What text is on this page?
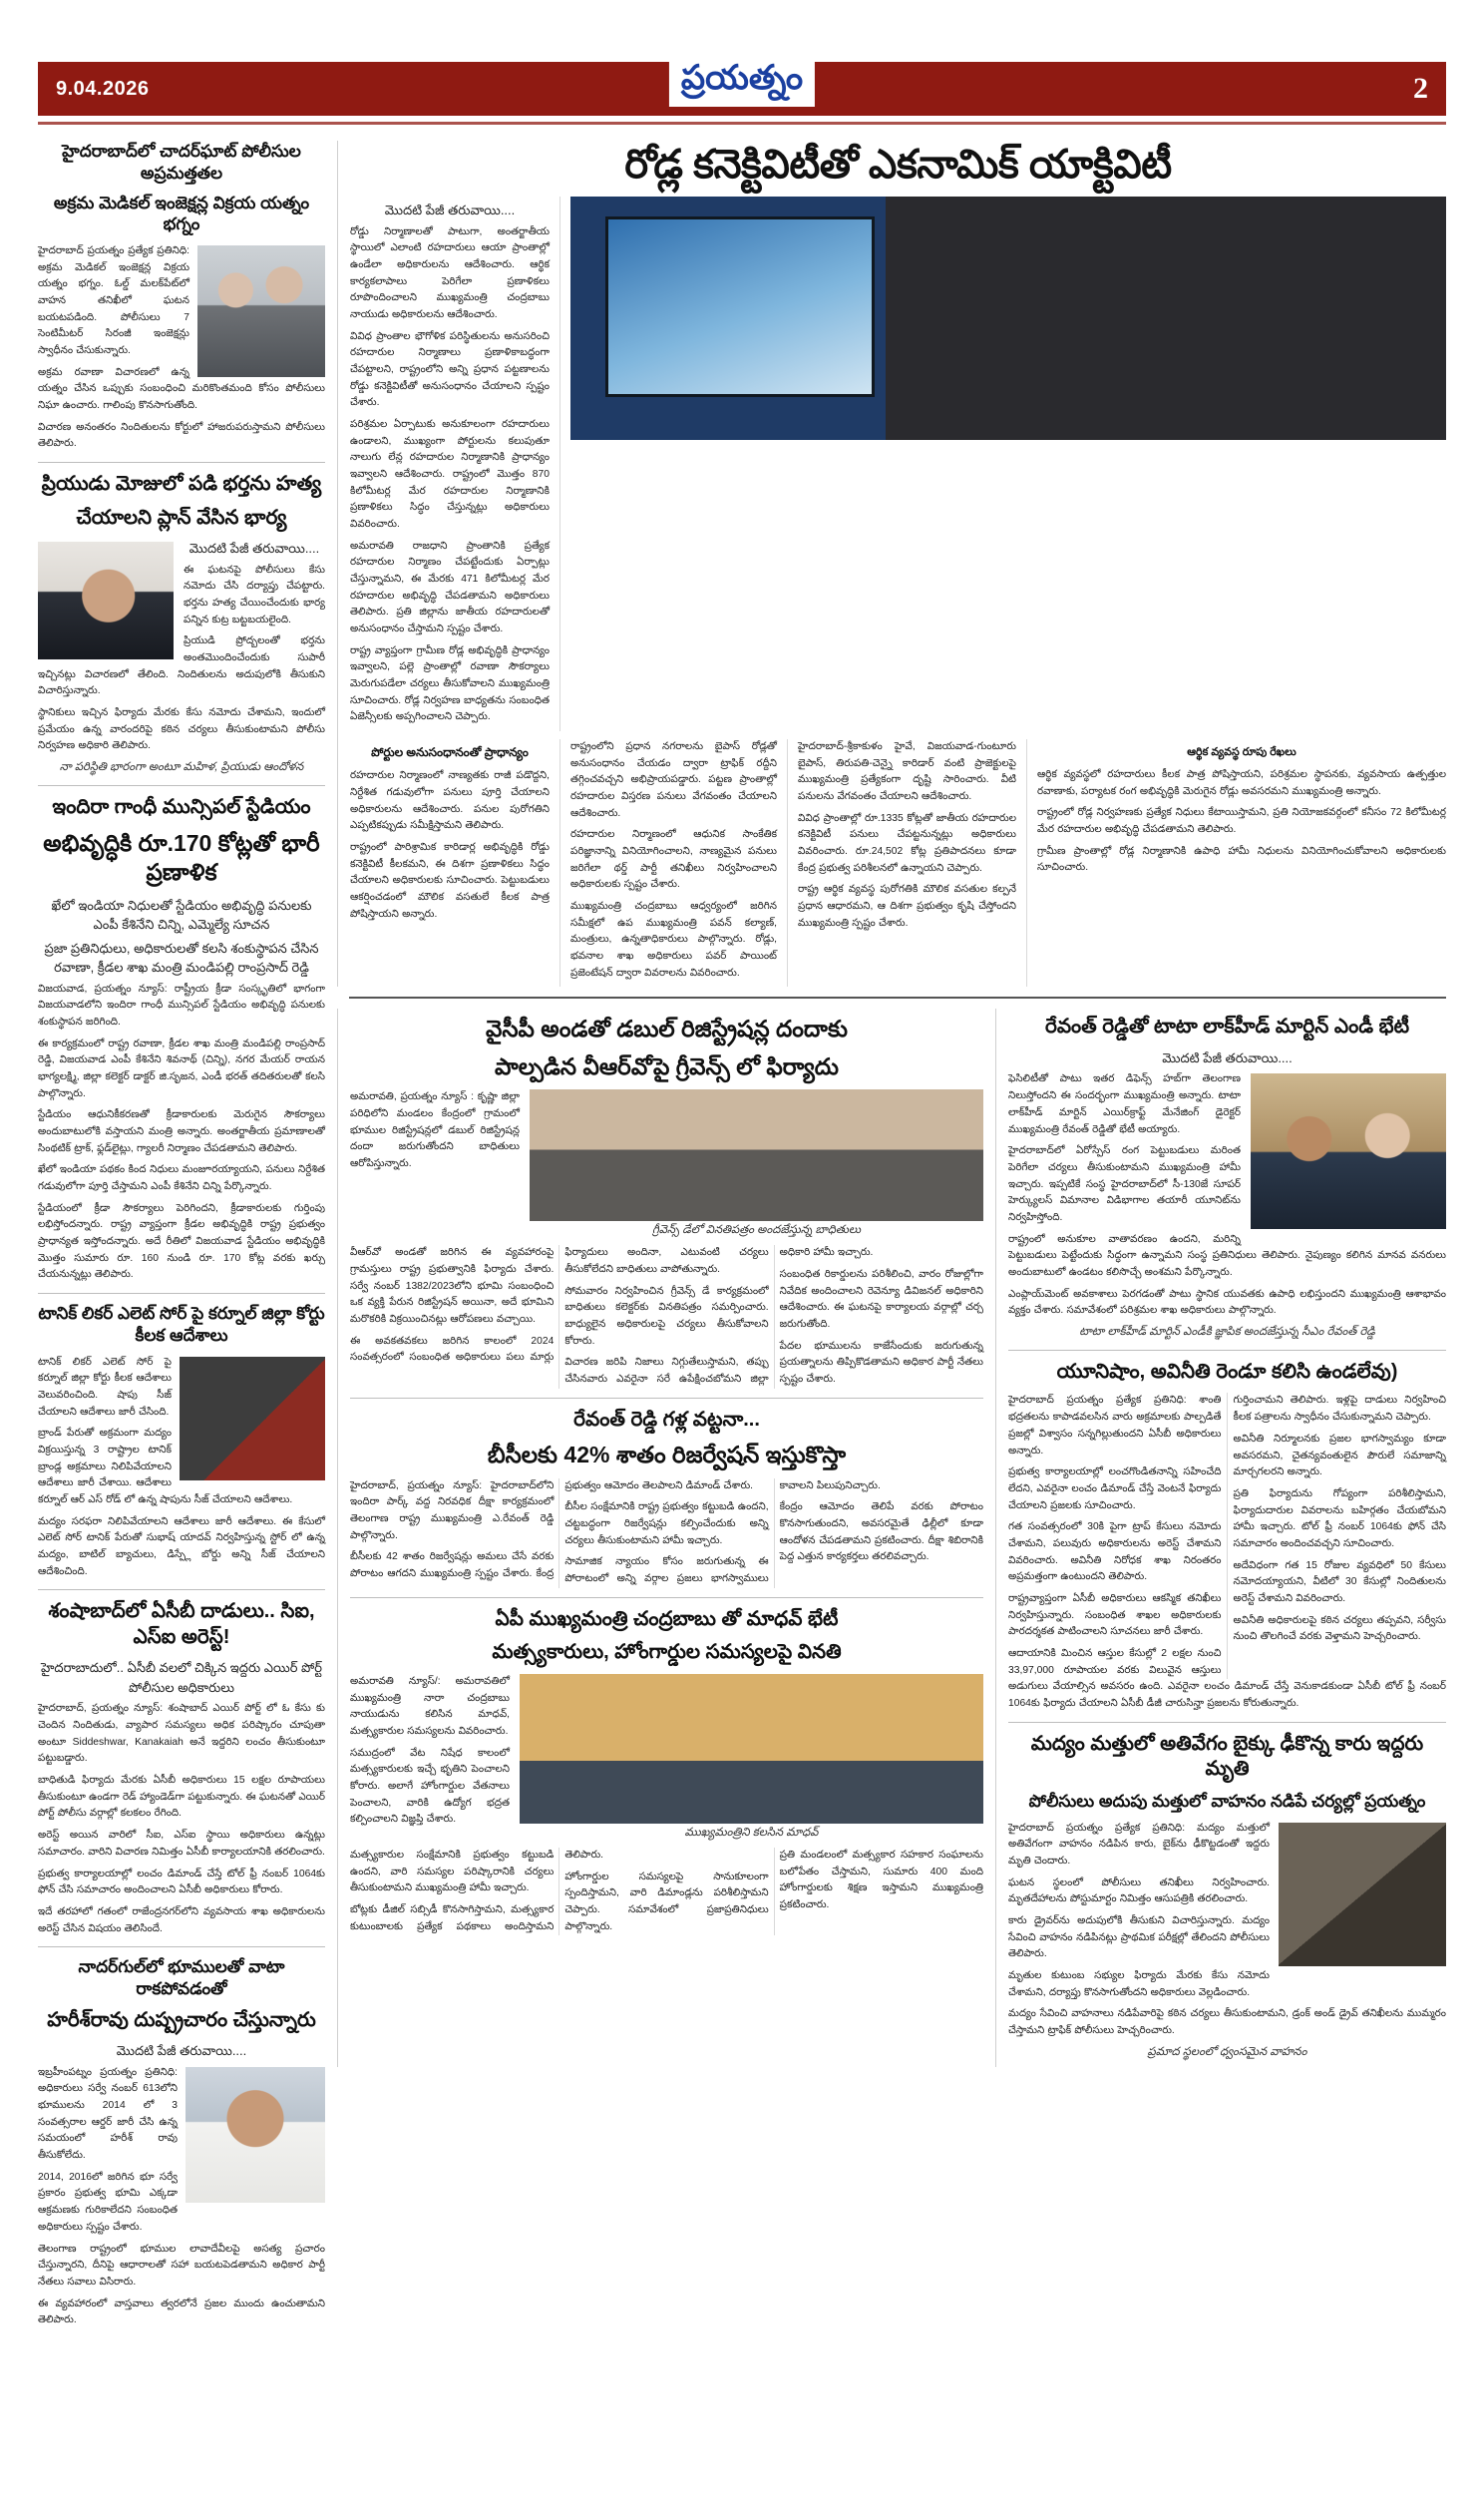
9.04.2026	ప్రయత్నం	2
హైదరాబాద్‌లో చాదర్‌ఘాట్ పోలీసుల అప్రమత్తతల
అక్రమ మెడికల్ ఇంజెక్షన్ల విక్రయ యత్నం భగ్నం

హైదరాబాద్ ప్రయత్నం ప్రత్యేక ప్రతినిధి: అక్రమ మెడికల్ ఇంజెక్షన్ల విక్రయ యత్నం భగ్నం. ఓల్డ్ మలక్‌పేట్‌లో వాహన తనిఖీలో ఘటన బయటపడింది. పోలీసులు 7 సెంటిమీటర్ సిరంజీ ఇంజెక్షన్లు స్వాధీనం చేసుకున్నారు.

అక్రమ రవాణా విచారణలో ఉన్న యత్నం చేసిన ఒప్పుకు సంబంధించి మరికొంతమంది కోసం పోలీసులు నిఘా ఉంచారు. గాలింపు కొనసాగుతోంది.

విచారణ అనంతరం నిందితులను కోర్టులో హాజరుపరుస్తామని పోలీసులు తెలిపారు.

ప్రియుడు మోజులో పడి భర్తను హత్య
చేయాలని ప్లాన్ వేసిన భార్య
మొదటి పేజీ తరువాయి....

ఈ ఘటనపై పోలీసులు కేసు నమోదు చేసి దర్యాప్తు చేపట్టారు. భర్తను హత్య చేయించేందుకు భార్య పన్నిన కుట్ర బట్టబయలైంది.

ప్రియుడి ప్రోద్బలంతో భర్తను అంతమొందించేందుకు సుపారీ ఇచ్చినట్లు విచారణలో తేలింది. నిందితులను అదుపులోకి తీసుకుని విచారిస్తున్నారు.

స్థానికులు ఇచ్చిన ఫిర్యాదు మేరకు కేసు నమోదు చేశామని, ఇందులో ప్రమేయం ఉన్న వారందరిపై కఠిన చర్యలు తీసుకుంటామని పోలీసు నిర్వహణ అధికారి తెలిపారు.

నా పరిస్థితి భారంగా అంటూ మహిళ, ప్రియుడు ఆందోళన
ఇందిరా గాంధీ మున్సిపల్ స్టేడియం
అభివృద్ధికి రూ.170 కోట్లతో భారీ ప్రణాళిక
ఖేలో ఇండియా నిధులతో స్టేడియం అభివృద్ధి పనులకు ఎంపీ కేశినేని చిన్ని, ఎమ్మెల్యే సూచన
ప్రజా ప్రతినిధులు, అధికారులతో కలసి శంకుస్థాపన చేసిన రవాణా, క్రీడల శాఖ మంత్రి మండిపల్లి రాంప్రసాద్ రెడ్డి

విజయవాడ, ప్రయత్నం న్యూస్: రాష్ట్రీయ క్రీడా సంస్కృతిలో భాగంగా విజయవాడలోని ఇందిరా గాంధీ మున్సిపల్ స్టేడియం అభివృద్ధి పనులకు శంకుస్థాపన జరిగింది.

ఈ కార్యక్రమంలో రాష్ట్ర రవాణా, క్రీడల శాఖ మంత్రి మండిపల్లి రాంప్రసాద్ రెడ్డి, విజయవాడ ఎంపీ కేశినేని శివనాథ్ (చిన్ని), నగర మేయర్ రాయన భాగ్యలక్ష్మి, జిల్లా కలెక్టర్ డాక్టర్ జి.సృజన, ఎండీ భరత్ తదితరులతో కలసి పాల్గొన్నారు.

స్టేడియం ఆధునికీకరణతో క్రీడాకారులకు మెరుగైన సౌకర్యాలు అందుబాటులోకి వస్తాయని మంత్రి అన్నారు. అంతర్జాతీయ ప్రమాణాలతో సింథటిక్ ట్రాక్, ఫ్లడ్‌లైట్లు, గ్యాలరీ నిర్మాణం చేపడతామని తెలిపారు.

ఖేలో ఇండియా పథకం కింద నిధులు మంజూరయ్యాయని, పనులు నిర్దేశిత గడువులోగా పూర్తి చేస్తామని ఎంపీ కేశినేని చిన్ని పేర్కొన్నారు.

స్టేడియంలో క్రీడా సౌకర్యాలు పెరిగిందని, క్రీడాకారులకు గుర్తింపు లభిస్తోందన్నారు. రాష్ట్ర వ్యాప్తంగా క్రీడల అభివృద్ధికి రాష్ట్ర ప్రభుత్వం ప్రాధాన్యత ఇస్తోందన్నారు. అదే రీతిలో విజయవాడ స్టేడియం అభివృద్ధికి మొత్తం సుమారు రూ. 160 నుండి రూ. 170 కోట్ల వరకు ఖర్చు చేయనున్నట్లు తెలిపారు.

టానిక్ లికర్ ఎలెట్ సోర్ పై కర్నూల్ జిల్లా కోర్టు కీలక ఆదేశాలు

టానిక్ లికర్ ఎలెట్ సోర్ పై కర్నూల్ జిల్లా కోర్టు కీలక ఆదేశాలు వెలువరించింది. షాపు సీజ్ చేయాలని ఆదేశాలు జారీ చేసింది.

బ్రాండ్ పేరుతో అక్రమంగా మద్యం విక్రయిస్తున్న 3 రాష్ట్రాల టానిక్ బ్రాండ్ల అక్రమాలు నిలిపివేయాలని ఆదేశాలు జారీ చేశాయి. ఆదేశాలు కర్నూల్ ఆర్ ఎస్ రోడ్ లో ఉన్న షాపును సీజ్ చేయాలని ఆదేశాలు.

మద్యం సరఫరా నిలిపివేయాలని ఆదేశాలు జారీ ఆదేశాలు. ఈ కేసులో ఎలెట్ సోర్ టానిక్ పేరుతో సుభాష్ యాదవ్ నిర్వహిస్తున్న స్టోర్ లో ఉన్న మద్యం, బాటిల్ బ్యాచులు, డిస్ప్లే బోర్డు అన్ని సీజ్ చేయాలని ఆదేశించింది.

శంషాబాద్‌లో ఏసీబీ దాడులు.. సిఐ, ఎస్ఐ అరెస్ట్!
హైదరాబాదులో.. ఏసీబీ వలలో చిక్కిన ఇద్దరు ఎయిర్ పోర్ట్ పోలీసుల అధికారులు

హైదరాబాద్, ప్రయత్నం న్యూస్: శంషాబాద్ ఎయిర్ పోర్ట్ లో ఓ కేసు కు చెందిన నిందితుడు, వ్యాపార సమస్యలు అధిక పరిష్కారం చూపుతా అంటూ Siddeshwar, Kanakaiah అనే ఇద్దరిని లంచం తీసుకుంటూ పట్టుబడ్డారు.

బాధితుడి ఫిర్యాదు మేరకు ఏసీబీ అధికారులు 15 లక్షల రూపాయలు తీసుకుంటూ ఉండగా రెడ్ హ్యాండెడ్‌గా పట్టుకున్నారు. ఈ ఘటనతో ఎయిర్ పోర్ట్ పోలీసు వర్గాల్లో కలకలం రేగింది.

అరెస్ట్ అయిన వారిలో సీఐ, ఎస్ఐ స్థాయి అధికారులు ఉన్నట్లు సమాచారం. వారిని విచారణ నిమిత్తం ఏసీబీ కార్యాలయానికి తరలించారు.

ప్రభుత్వ కార్యాలయాల్లో లంచం డిమాండ్ చేస్తే టోల్ ఫ్రీ నంబర్ 1064కు ఫోన్ చేసి సమాచారం అందించాలని ఏసీబీ అధికారులు కోరారు.

ఇదే తరహాలో గతంలో రాజేంద్రనగర్‌లోని వ్యవసాయ శాఖ అధికారులను అరెస్ట్ చేసిన విషయం తెలిసిందే.

నాదర్‌గుల్‌లో భూములతో వాటా రాకపోవడంతో
హరీశ్‌రావు దుష్ప్రచారం చేస్తున్నారు
మొదటి పేజీ తరువాయి....

ఇబ్రహీంపట్నం ప్రయత్నం ప్రతినిధి: అధికారులు సర్వే నంబర్ 613లోని భూములను 2014 లో 3 సంవత్సరాల ఆర్డర్ జారీ చేసి ఉన్న సమయంలో హరీశ్ రావు తీసుకోలేదు.

2014, 2016లో జరిగిన భూ సర్వే ప్రకారం ప్రభుత్వ భూమి ఎక్కడా ఆక్రమణకు గురికాలేదని సంబంధిత అధికారులు స్పష్టం చేశారు.

తెలంగాణ రాష్ట్రంలో భూముల లావాదేవీలపై అసత్య ప్రచారం చేస్తున్నారని, దీనిపై ఆధారాలతో సహా బయటపెడతామని అధికార పార్టీ నేతలు సవాలు విసిరారు.

ఈ వ్యవహారంలో వాస్తవాలు త్వరలోనే ప్రజల ముందు ఉంచుతామని తెలిపారు.

రోడ్ల కనెక్టివిటీతో ఎకనామిక్ యాక్టివిటీ
మొదటి పేజీ తరువాయి....

రోడ్డు నిర్మాణాలతో పాటుగా, అంతర్జాతీయ స్థాయిలో ఎలాంటి రహదారులు ఆయా ప్రాంతాల్లో ఉండేలా అధికారులను ఆదేశించారు. ఆర్థిక కార్యకలాపాలు పెరిగేలా ప్రణాళికలు రూపొందించాలని ముఖ్యమంత్రి చంద్రబాబు నాయుడు అధికారులను ఆదేశించారు.

వివిధ ప్రాంతాల భౌగోళిక పరిస్థితులను అనుసరించి రహదారుల నిర్మాణాలు ప్రణాళికాబద్ధంగా చేపట్టాలని, రాష్ట్రంలోని అన్ని ప్రధాన పట్టణాలను రోడ్డు కనెక్టివిటీతో అనుసంధానం చేయాలని స్పష్టం చేశారు.

పరిశ్రమల ఏర్పాటుకు అనుకూలంగా రహదారులు ఉండాలని, ముఖ్యంగా పోర్టులను కలుపుతూ నాలుగు లేన్ల రహదారుల నిర్మాణానికి ప్రాధాన్యం ఇవ్వాలని ఆదేశించారు. రాష్ట్రంలో మొత్తం 870 కిలోమీటర్ల మేర రహదారుల నిర్మాణానికి ప్రణాళికలు సిద్ధం చేస్తున్నట్లు అధికారులు వివరించారు.

అమరావతి రాజధాని ప్రాంతానికి ప్రత్యేక రహదారుల నిర్మాణం చేపట్టేందుకు ఏర్పాట్లు చేస్తున్నామని, ఈ మేరకు 471 కిలోమీటర్ల మేర రహదారుల అభివృద్ధి చేపడతామని అధికారులు తెలిపారు. ప్రతి జిల్లాను జాతీయ రహదారులతో అనుసంధానం చేస్తామని స్పష్టం చేశారు.

రాష్ట్ర వ్యాప్తంగా గ్రామీణ రోడ్ల అభివృద్ధికి ప్రాధాన్యం ఇవ్వాలని, పల్లె ప్రాంతాల్లో రవాణా సౌకర్యాలు మెరుగుపడేలా చర్యలు తీసుకోవాలని ముఖ్యమంత్రి సూచించారు. రోడ్ల నిర్వహణ బాధ్యతను సంబంధిత ఏజెన్సీలకు అప్పగించాలని చెప్పారు.

పోర్టుల అనుసంధానంతో ప్రాధాన్యం

రహదారుల నిర్మాణంలో నాణ్యతకు రాజీ పడొద్దని, నిర్దేశిత గడువులోగా పనులు పూర్తి చేయాలని అధికారులను ఆదేశించారు. పనుల పురోగతిని ఎప్పటికప్పుడు సమీక్షిస్తామని తెలిపారు.

రాష్ట్రంలో పారిశ్రామిక కారిడార్ల అభివృద్ధికి రోడ్డు కనెక్టివిటీ కీలకమని, ఈ దిశగా ప్రణాళికలు సిద్ధం చేయాలని అధికారులకు సూచించారు. పెట్టుబడులు ఆకర్షించడంలో మౌలిక వసతులే కీలక పాత్ర పోషిస్తాయని అన్నారు.

రాష్ట్రంలోని ప్రధాన నగరాలను బైపాస్ రోడ్లతో అనుసంధానం చేయడం ద్వారా ట్రాఫిక్ రద్దీని తగ్గించవచ్చని అభిప్రాయపడ్డారు. పట్టణ ప్రాంతాల్లో రహదారుల విస్తరణ పనులు వేగవంతం చేయాలని ఆదేశించారు.

రహదారుల నిర్మాణంలో ఆధునిక సాంకేతిక పరిజ్ఞానాన్ని వినియోగించాలని, నాణ్యమైన పనులు జరిగేలా థర్డ్ పార్టీ తనిఖీలు నిర్వహించాలని అధికారులకు స్పష్టం చేశారు.

ముఖ్యమంత్రి చంద్రబాబు ఆధ్వర్యంలో జరిగిన సమీక్షలో ఉప ముఖ్యమంత్రి పవన్ కల్యాణ్, మంత్రులు, ఉన్నతాధికారులు పాల్గొన్నారు. రోడ్లు, భవనాల శాఖ అధికారులు పవర్ పాయింట్ ప్రజెంటేషన్ ద్వారా వివరాలను వివరించారు.

హైదరాబాద్-శ్రీకాకుళం హైవే, విజయవాడ-గుంటూరు బైపాస్, తిరుపతి-చెన్నై కారిడార్ వంటి ప్రాజెక్టులపై ముఖ్యమంత్రి ప్రత్యేకంగా దృష్టి సారించారు. వీటి పనులను వేగవంతం చేయాలని ఆదేశించారు.

వివిధ ప్రాంతాల్లో రూ.1335 కోట్లతో జాతీయ రహదారుల కనెక్టివిటీ పనులు చేపట్టనున్నట్లు అధికారులు వివరించారు. రూ.24,502 కోట్ల ప్రతిపాదనలు కూడా కేంద్ర ప్రభుత్వ పరిశీలనలో ఉన్నాయని చెప్పారు.

రాష్ట్ర ఆర్థిక వ్యవస్థ పురోగతికి మౌలిక వసతుల కల్పనే ప్రధాన ఆధారమని, ఆ దిశగా ప్రభుత్వం కృషి చేస్తోందని ముఖ్యమంత్రి స్పష్టం చేశారు.

ఆర్థిక వ్యవస్థ రూపు రేఖలు

ఆర్థిక వ్యవస్థలో రహదారులు కీలక పాత్ర పోషిస్తాయని, పరిశ్రమల స్థాపనకు, వ్యవసాయ ఉత్పత్తుల రవాణాకు, పర్యాటక రంగ అభివృద్ధికి మెరుగైన రోడ్లు అవసరమని ముఖ్యమంత్రి అన్నారు.

రాష్ట్రంలో రోడ్ల నిర్వహణకు ప్రత్యేక నిధులు కేటాయిస్తామని, ప్రతి నియోజకవర్గంలో కనీసం 72 కిలోమీటర్ల మేర రహదారుల అభివృద్ధి చేపడతామని తెలిపారు.

గ్రామీణ ప్రాంతాల్లో రోడ్ల నిర్మాణానికి ఉపాధి హామీ నిధులను వినియోగించుకోవాలని అధికారులకు సూచించారు.

వైసీపీ అండతో డబుల్ రిజిస్ట్రేషన్ల దందాకు
పాల్పడిన వీఆర్‌వోపై గ్రీవెన్స్ లో ఫిర్యాదు

అమరావతి, ప్రయత్నం న్యూస్ : కృష్ణా జిల్లా పరిధిలోని మండలం కేంద్రంలో గ్రామంలో భూముల రిజిస్ట్రేషన్లలో డబుల్ రిజిస్ట్రేషన్ల దందా జరుగుతోందని బాధితులు ఆరోపిస్తున్నారు.

గ్రీవెన్స్ డేలో వినతిపత్రం అందజేస్తున్న బాధితులు

వీఆర్‌వో అండతో జరిగిన ఈ వ్యవహారంపై గ్రామస్తులు రాష్ట్ర ప్రభుత్వానికి ఫిర్యాదు చేశారు. సర్వే నంబర్ 1382/2023లోని భూమి సంబంధించి ఒక వ్యక్తి పేరున రిజిస్ట్రేషన్ అయినా, అదే భూమిని మరొకరికి విక్రయించినట్లు ఆరోపణలు వచ్చాయి.

ఈ అవకతవకలు జరిగిన కాలంలో 2024 సంవత్సరంలో సంబంధిత అధికారులు పలు మార్లు ఫిర్యాదులు అందినా, ఎటువంటి చర్యలు తీసుకోలేదని బాధితులు వాపోతున్నారు.

సోమవారం నిర్వహించిన గ్రీవెన్స్ డే కార్యక్రమంలో బాధితులు కలెక్టర్‌కు వినతిపత్రం సమర్పించారు. బాధ్యులైన అధికారులపై చర్యలు తీసుకోవాలని కోరారు.

విచారణ జరిపి నిజాలు నిగ్గుతేలుస్తామని, తప్పు చేసినవారు ఎవరైనా సరే ఉపేక్షించబోమని జిల్లా అధికారి హామీ ఇచ్చారు.

సంబంధిత రికార్డులను పరిశీలించి, వారం రోజుల్లోగా నివేదిక అందించాలని రెవెన్యూ డివిజనల్ అధికారిని ఆదేశించారు. ఈ ఘటనపై కార్యాలయ వర్గాల్లో చర్చ జరుగుతోంది.

పేదల భూములను కాజేసేందుకు జరుగుతున్న ప్రయత్నాలను తిప్పికొడతామని అధికార పార్టీ నేతలు స్పష్టం చేశారు.

రేవంత్ రెడ్డి గళ్ల వట్టనా...
బీసీలకు 42% శాతం రిజర్వేషన్ ఇస్తుకొస్తా

హైదరాబాద్, ప్రయత్నం న్యూస్: హైదరాబాద్‌లోని ఇందిరా పార్క్ వద్ద నిరవధిక దీక్షా కార్యక్రమంలో తెలంగాణ రాష్ట్ర ముఖ్యమంత్రి ఎ.రేవంత్ రెడ్డి పాల్గొన్నారు.

బీసీలకు 42 శాతం రిజర్వేషన్లు అమలు చేసే వరకు పోరాటం ఆగదని ముఖ్యమంత్రి స్పష్టం చేశారు. కేంద్ర ప్రభుత్వం ఆమోదం తెలపాలని డిమాండ్ చేశారు.

బీసీల సంక్షేమానికి రాష్ట్ర ప్రభుత్వం కట్టుబడి ఉందని, చట్టబద్ధంగా రిజర్వేషన్లు కల్పించేందుకు అన్ని చర్యలు తీసుకుంటామని హామీ ఇచ్చారు.

సామాజిక న్యాయం కోసం జరుగుతున్న ఈ పోరాటంలో అన్ని వర్గాల ప్రజలు భాగస్వాములు కావాలని పిలుపునిచ్చారు.

కేంద్రం ఆమోదం తెలిపే వరకు పోరాటం కొనసాగుతుందని, అవసరమైతే ఢిల్లీలో కూడా ఆందోళన చేపడతామని ప్రకటించారు. దీక్షా శిబిరానికి పెద్ద ఎత్తున కార్యకర్తలు తరలివచ్చారు.

ఏపీ ముఖ్యమంత్రి చంద్రబాబు తో మాధవ్ భేటీ
మత్స్యకారులు, హోంగార్డుల సమస్యలపై వినతి

అమరావతి న్యూస్/: అమరావతిలో ముఖ్యమంత్రి నారా చంద్రబాబు నాయుడును కలిసిన మాధవ్, మత్స్యకారుల సమస్యలను వివరించారు.

సముద్రంలో వేట నిషేధ కాలంలో మత్స్యకారులకు ఇచ్చే భృతిని పెంచాలని కోరారు. అలాగే హోంగార్డుల వేతనాలు పెంచాలని, వారికి ఉద్యోగ భద్రత కల్పించాలని విజ్ఞప్తి చేశారు.

ముఖ్యమంత్రిని కలసిన మాధవ్

మత్స్యకారుల సంక్షేమానికి ప్రభుత్వం కట్టుబడి ఉందని, వారి సమస్యల పరిష్కారానికి చర్యలు తీసుకుంటామని ముఖ్యమంత్రి హామీ ఇచ్చారు.

బోట్లకు డీజిల్ సబ్సిడీ కొనసాగిస్తామని, మత్స్యకార కుటుంబాలకు ప్రత్యేక పథకాలు అందిస్తామని తెలిపారు.

హోంగార్డుల సమస్యలపై సానుకూలంగా స్పందిస్తామని, వారి డిమాండ్లను పరిశీలిస్తామని చెప్పారు. సమావేశంలో ప్రజాప్రతినిధులు పాల్గొన్నారు.

ప్రతి మండలంలో మత్స్యకార సహకార సంఘాలను బలోపేతం చేస్తామని, సుమారు 400 మంది హోంగార్డులకు శిక్షణ ఇస్తామని ముఖ్యమంత్రి ప్రకటించారు.

రేవంత్ రెడ్డితో టాటా లాక్‌హీడ్ మార్టిన్ ఎండీ భేటీ
మొదటి పేజీ తరువాయి....

ఫెసిలిటీతో పాటు ఇతర డిఫెన్స్ హబ్‌గా తెలంగాణ నిలుస్తోందని ఈ సందర్భంగా ముఖ్యమంత్రి అన్నారు. టాటా లాక్‌హీడ్ మార్టిన్ ఎయిర్‌క్రాఫ్ట్ మేనేజింగ్ డైరెక్టర్ ముఖ్యమంత్రి రేవంత్ రెడ్డితో భేటీ అయ్యారు.

హైదరాబాద్‌లో ఏరోస్పేస్ రంగ పెట్టుబడులు మరింత పెరిగేలా చర్యలు తీసుకుంటామని ముఖ్యమంత్రి హామీ ఇచ్చారు. ఇప్పటికే సంస్థ హైదరాబాద్‌లో సీ-130జే సూపర్ హెర్క్యులస్ విమానాల విడిభాగాల తయారీ యూనిట్‌ను నిర్వహిస్తోంది.

రాష్ట్రంలో అనుకూల వాతావరణం ఉందని, మరిన్ని పెట్టుబడులు పెట్టేందుకు సిద్ధంగా ఉన్నామని సంస్థ ప్రతినిధులు తెలిపారు. నైపుణ్యం కలిగిన మానవ వనరులు అందుబాటులో ఉండటం కలిసొచ్చే అంశమని పేర్కొన్నారు.

ఎంప్లాయ్‌మెంట్ అవకాశాలు పెరగడంతో పాటు స్థానిక యువతకు ఉపాధి లభిస్తుందని ముఖ్యమంత్రి ఆశాభావం వ్యక్తం చేశారు. సమావేశంలో పరిశ్రమల శాఖ అధికారులు పాల్గొన్నారు.

టాటా లాక్‌హీడ్ మార్టిన్ ఎండీకి జ్ఞాపిక అందజేస్తున్న సీఎం రేవంత్ రెడ్డి
యూనిషాం, అవినీతి రెండూ కలిసి ఉండలేవు)

హైదరాబాద్ ప్రయత్నం ప్రత్యేక ప్రతినిధి: శాంతి భద్రతలను కాపాడవలసిన వారు అక్రమాలకు పాల్పడితే ప్రజల్లో విశ్వాసం సన్నగిల్లుతుందని ఏసీబీ అధికారులు అన్నారు.

ప్రభుత్వ కార్యాలయాల్లో లంచగొండితనాన్ని సహించేది లేదని, ఎవరైనా లంచం డిమాండ్ చేస్తే వెంటనే ఫిర్యాదు చేయాలని ప్రజలకు సూచించారు.

గత సంవత్సరంలో 30కి పైగా ట్రాప్ కేసులు నమోదు చేశామని, పలువురు అధికారులను అరెస్ట్ చేశామని వివరించారు. అవినీతి నిరోధక శాఖ నిరంతరం అప్రమత్తంగా ఉంటుందని తెలిపారు.

రాష్ట్రవ్యాప్తంగా ఏసీబీ అధికారులు ఆకస్మిక తనిఖీలు నిర్వహిస్తున్నారు. సంబంధిత శాఖల అధికారులకు పారదర్శకత పాటించాలని సూచనలు జారీ చేశారు.

ఆదాయానికి మించిన ఆస్తుల కేసుల్లో 2 లక్షల నుంచి 33,97,000 రూపాయల వరకు విలువైన ఆస్తులు గుర్తించామని తెలిపారు. ఇళ్లపై దాడులు నిర్వహించి కీలక పత్రాలను స్వాధీనం చేసుకున్నామని చెప్పారు.

అవినీతి నిర్మూలనకు ప్రజల భాగస్వామ్యం కూడా అవసరమని, చైతన్యవంతులైన పౌరులే సమాజాన్ని మార్చగలరని అన్నారు.

ప్రతి ఫిర్యాదును గోప్యంగా పరిశీలిస్తామని, ఫిర్యాదుదారుల వివరాలను బహిర్గతం చేయబోమని హామీ ఇచ్చారు. టోల్ ఫ్రీ నంబర్ 1064కు ఫోన్ చేసి సమాచారం అందించవచ్చని సూచించారు.

అదేవిధంగా గత 15 రోజుల వ్యవధిలో 50 కేసులు నమోదయ్యాయని, వీటిలో 30 కేసుల్లో నిందితులను అరెస్ట్ చేశామని వివరించారు.

అవినీతి అధికారులపై కఠిన చర్యలు తప్పవని, సర్వీసు నుంచి తొలగించే వరకు వెళ్తామని హెచ్చరించారు.

అడుగులు వేయాల్సిన అవసరం ఉంది. ఎవరైనా లంచం డిమాండ్ చేస్తే వెనుకాడకుండా ఏసీబీ టోల్ ఫ్రీ నంబర్ 1064కు ఫిర్యాదు చేయాలని ఏసీబీ డీజీ చారుసిన్హా ప్రజలను కోరుతున్నారు.

మద్యం మత్తులో అతివేగం బైక్కు ఢీకొన్న కారు ఇద్దరు మృతి
పోలీసులు అదుపు మత్తులో వాహనం నడిపే చర్యల్లో ప్రయత్నం

హైదరాబాద్ ప్రయత్నం ప్రత్యేక ప్రతినిధి: మద్యం మత్తులో అతివేగంగా వాహనం నడిపిన కారు, బైక్‌ను ఢీకొట్టడంతో ఇద్దరు మృతి చెందారు.

ఘటన స్థలంలో పోలీసులు తనిఖీలు నిర్వహించారు. మృతదేహాలను పోస్టుమార్టం నిమిత్తం ఆసుపత్రికి తరలించారు.

కారు డ్రైవర్‌ను అదుపులోకి తీసుకుని విచారిస్తున్నారు. మద్యం సేవించి వాహనం నడిపినట్లు ప్రాథమిక పరీక్షల్లో తేలిందని పోలీసులు తెలిపారు.

మృతుల కుటుంబ సభ్యుల ఫిర్యాదు మేరకు కేసు నమోదు చేశామని, దర్యాప్తు కొనసాగుతోందని అధికారులు వెల్లడించారు.

మద్యం సేవించి వాహనాలు నడిపేవారిపై కఠిన చర్యలు తీసుకుంటామని, డ్రంక్ అండ్ డ్రైవ్ తనిఖీలను ముమ్మరం చేస్తామని ట్రాఫిక్ పోలీసులు హెచ్చరించారు.

ప్రమాద స్థలంలో ధ్వంసమైన వాహనం
